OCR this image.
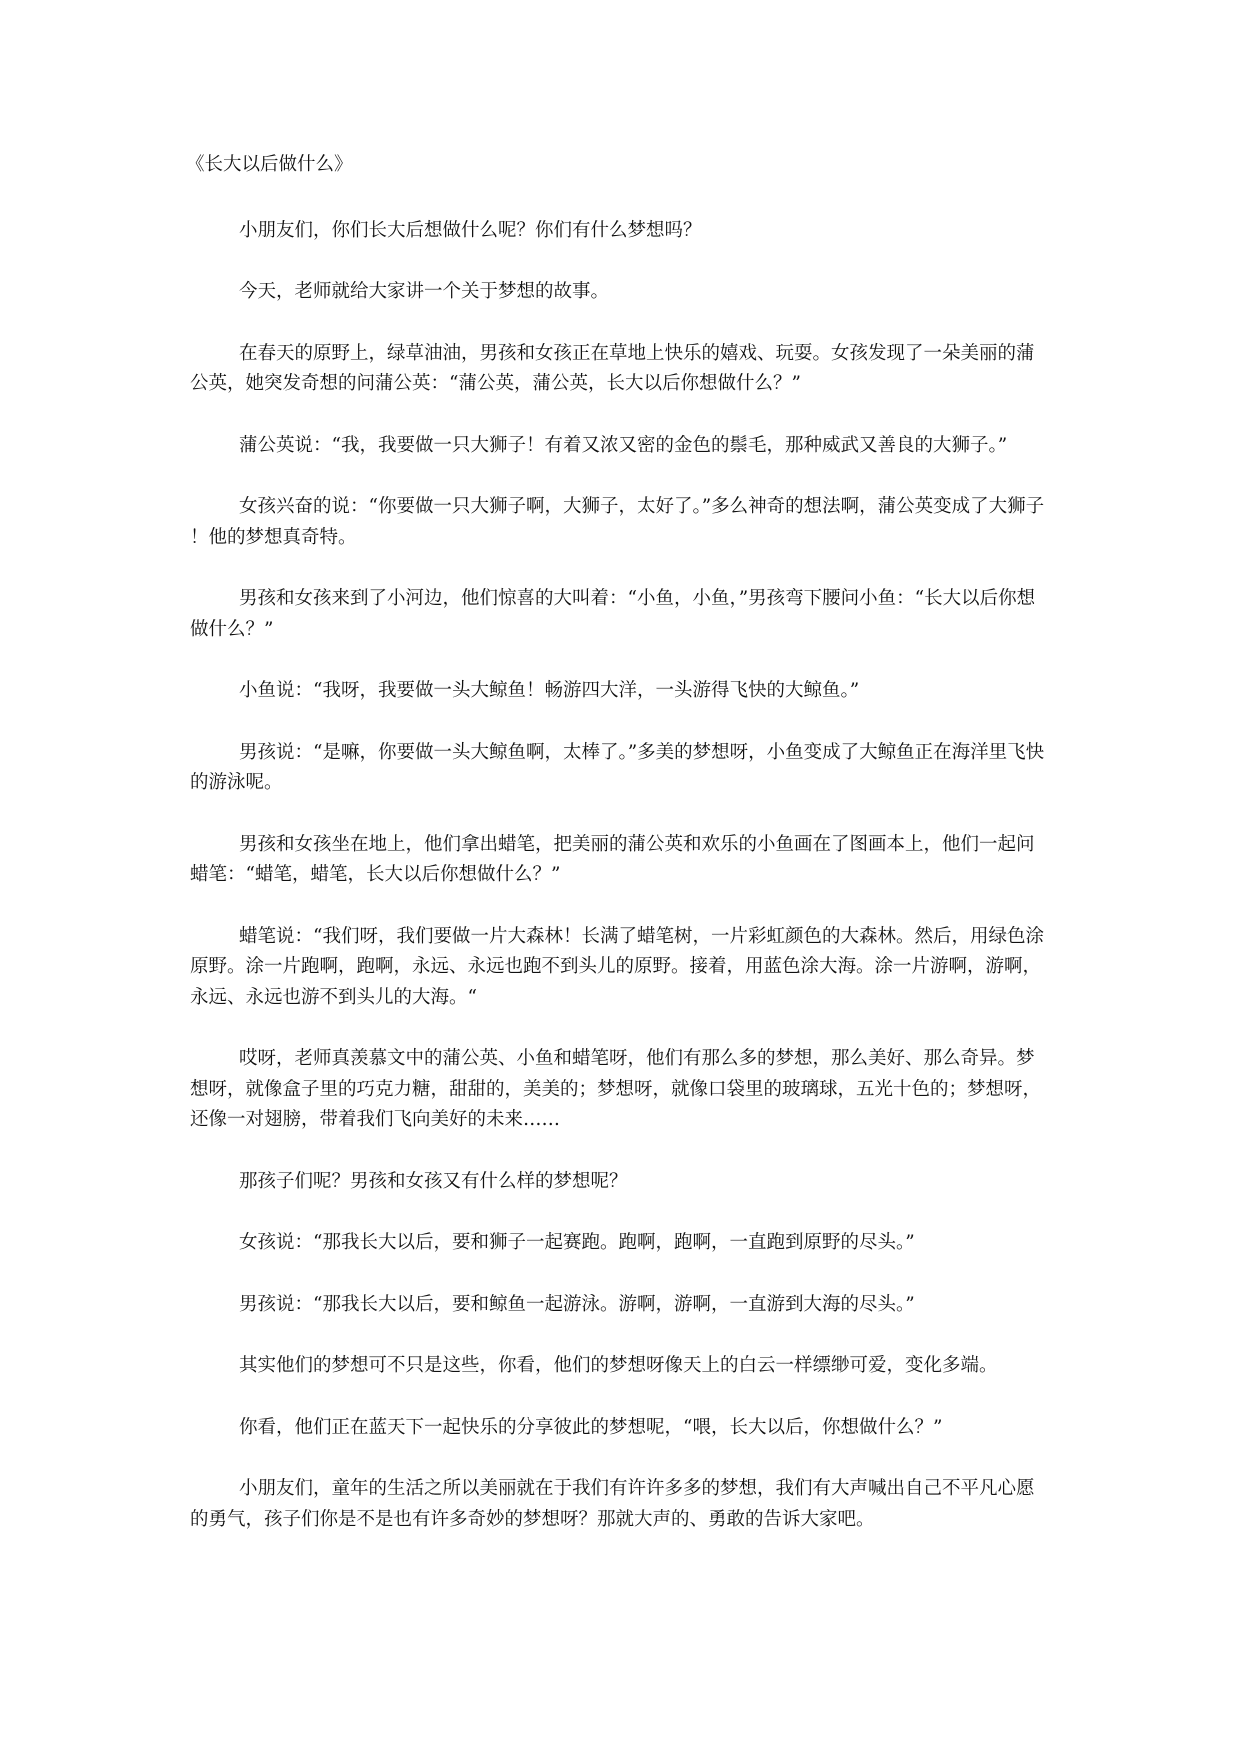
《长大以后做什么》
小朋友们，你们长大后想做什么呢？你们有什么梦想吗？
今天，老师就给大家讲一个关于梦想的故事。
在春天的原野上，绿草油油，男孩和女孩正在草地上快乐的嬉戏、玩耍。女孩发现了一朵美丽的蒲
公英，她突发奇想的问蒲公英：“蒲公英，蒲公英，长大以后你想做什么？”
蒲公英说：“我，我要做一只大狮子！有着又浓又密的金色的鬃毛，那种威武又善良的大狮子。”
女孩兴奋的说：“你要做一只大狮子啊，大狮子，太好了。”多么神奇的想法啊，蒲公英变成了大狮子
！他的梦想真奇特。
男孩和女孩来到了小河边，他们惊喜的大叫着：“小鱼，小鱼，”男孩弯下腰问小鱼：“长大以后你想
做什么？”
小鱼说：“我呀，我要做一头大鲸鱼！畅游四大洋，一头游得飞快的大鲸鱼。”
男孩说：“是嘛，你要做一头大鲸鱼啊，太棒了。”多美的梦想呀，小鱼变成了大鲸鱼正在海洋里飞快
的游泳呢。
男孩和女孩坐在地上，他们拿出蜡笔，把美丽的蒲公英和欢乐的小鱼画在了图画本上，他们一起问
蜡笔：“蜡笔，蜡笔，长大以后你想做什么？”
蜡笔说：“我们呀，我们要做一片大森林！长满了蜡笔树，一片彩虹颜色的大森林。然后，用绿色涂
原野。涂一片跑啊，跑啊，永远、永远也跑不到头儿的原野。接着，用蓝色涂大海。涂一片游啊，游啊，
永远、永远也游不到头儿的大海。“
哎呀，老师真羡慕文中的蒲公英、小鱼和蜡笔呀，他们有那么多的梦想，那么美好、那么奇异。梦
想呀，就像盒子里的巧克力糖，甜甜的，美美的；梦想呀，就像口袋里的玻璃球，五光十色的；梦想呀，
还像一对翅膀，带着我们飞向美好的未来……
那孩子们呢？男孩和女孩又有什么样的梦想呢？
女孩说：“那我长大以后，要和狮子一起赛跑。跑啊，跑啊，一直跑到原野的尽头。”
男孩说：“那我长大以后，要和鲸鱼一起游泳。游啊，游啊，一直游到大海的尽头。”
其实他们的梦想可不只是这些，你看，他们的梦想呀像天上的白云一样缥缈可爱，变化多端。
你看，他们正在蓝天下一起快乐的分享彼此的梦想呢，“喂，长大以后，你想做什么？”
小朋友们，童年的生活之所以美丽就在于我们有许许多多的梦想，我们有大声喊出自己不平凡心愿
的勇气，孩子们你是不是也有许多奇妙的梦想呀？那就大声的、勇敢的告诉大家吧。
